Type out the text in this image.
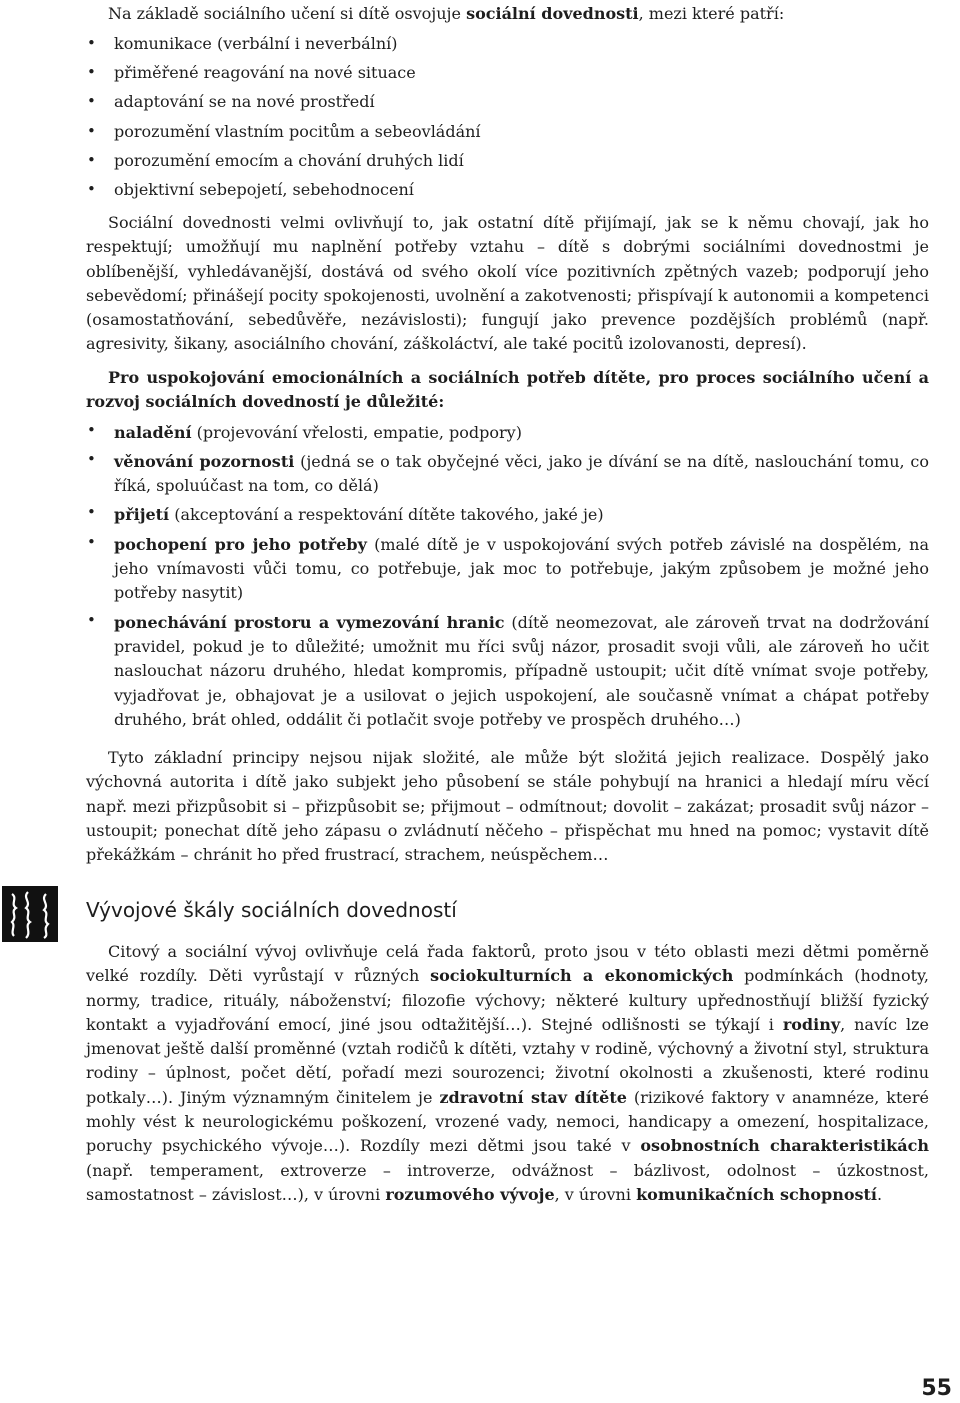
Na základě sociálního učení si dítě osvojuje sociální dovednosti, mezi které patří:

• komunikace (verbální i neverbální)
• přiměřené reagování na nové situace
• adaptování se na nové prostředí
• porozumění vlastním pocitům a sebeovládání
• porozumění emocím a chování druhých lidí
• objektivní sebepojetí, sebehodnocení

Sociální dovednosti velmi ovlivňují to, jak ostatní dítě přijímají, jak se k němu chovají, jak ho respektují; umožňují mu naplnění potřeby vztahu – dítě s dobrými sociálními dovednostmi je oblíbenější, vyhledávanější, dostává od svého okolí více pozitivních zpětných vazeb; podporují jeho sebevědomí; přinášejí pocity spokojenosti, uvolnění a zakotvenosti; přispívají k autonomii a kompetenci (osamostatňování, sebedůvěře, nezávislosti); fungují jako prevence pozdějších problémů (např. agresivity, šikany, asociálního chování, záškoláctví, ale také pocitů izolovanosti, depresí).

Pro uspokojování emocionálních a sociálních potřeb dítěte, pro proces sociálního učení a rozvoj sociálních dovedností je důležité:

• naladění (projevování vřelosti, empatie, podpory)

• věnování pozornosti (jedná se o tak obyčejné věci, jako je dívání se na dítě, naslouchání tomu, co říká, spoluúčast na tom, co dělá)

• přijetí (akceptování a respektování dítěte takového, jaké je)

• pochopení pro jeho potřeby (malé dítě je v uspokojování svých potřeb závislé na dospělém, na jeho vnímavosti vůči tomu, co potřebuje, jak moc to potřebuje, jakým způsobem je možné jeho potřeby nasytit)

• ponechávání prostoru a vymezování hranic (dítě neomezovat, ale zároveň trvat na dodržování pravidel, pokud je to důležité; umožnit mu říci svůj názor, prosadit svoji vůli, ale zároveň ho učit naslouchat názoru druhého, hledat kompromis, případně ustoupit; učit dítě vnímat svoje potřeby, vyjadřovat je, obhajovat je a usilovat o jejich uspokojení, ale současně vnímat a chápat potřeby druhého, brát ohled, oddálit či potlačit svoje potřeby ve prospěch druhého…)

Tyto základní principy nejsou nijak složité, ale může být složitá jejich realizace. Dospělý jako výchovná autorita i dítě jako subjekt jeho působení se stále pohybují na hranici a hledají míru věcí např. mezi přizpůsobit si – přizpůsobit se; přijmout – odmítnout; dovolit – zakázat; prosadit svůj názor – ustoupit; ponechat dítě jeho zápasu o zvládnutí něčeho – přispěchat mu hned na pomoc; vystavit dítě překážkám – chránit ho před frustrací, strachem, neúspěchem…

Vývojové škály sociálních dovedností

Citový a sociální vývoj ovlivňuje celá řada faktorů, proto jsou v této oblasti mezi dětmi poměrně velké rozdíly. Děti vyrůstají v různých sociokulturních a ekonomických podmínkách (hodnoty, normy, tradice, rituály, náboženství; filozofie výchovy; některé kultury upřednostňují bližší fyzický kontakt a vyjadřování emocí, jiné jsou odtažitější…). Stejné odlišnosti se týkají i rodiny, navíc lze jmenovat ještě další proměnné (vztah rodičů k dítěti, vztahy v rodině, výchovný a životní styl, struktura rodiny – úplnost, počet dětí, pořadí mezi sourozenci; životní okolnosti a zkušenosti, které rodinu potkaly…). Jiným významným činitelem je zdravotní stav dítěte (rizikové faktory v anamnéze, které mohly vést k neurologickému poškození, vrozené vady, nemoci, handicapy a omezení, hospitalizace, poruchy psychického vývoje…). Rozdíly mezi dětmi jsou také v osobnostních charakteristikách (např. temperament, extroverze – introverze, odvážnost – bázlivost, odolnost – úzkostnost, samostatnost – závislost…), v úrovni rozumového vývoje, v úrovni komunikačních schopností.

55
